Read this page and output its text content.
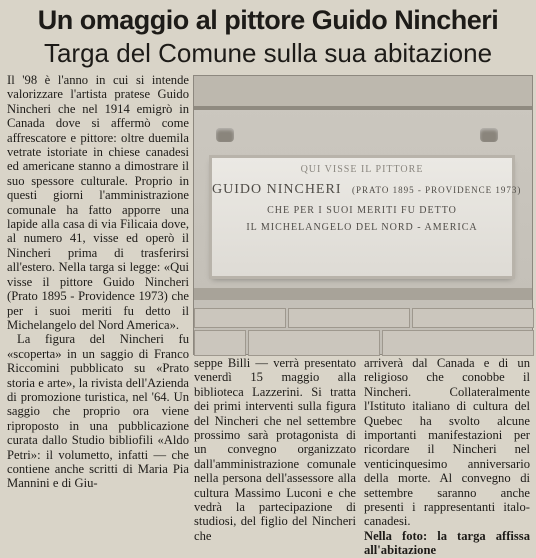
Un omaggio al pittore Guido Nincheri
Targa del Comune sulla sua abitazione

Il '98 è l'anno in cui si intende valorizzare l'artista pratese Guido Nincheri che nel 1914 emigrò in Canada dove si affermò come affrescatore e pittore: oltre duemila vetrate istoriate in chiese canadesi ed americane stanno a dimostrare il suo spessore culturale. Proprio in questi giorni l'amministrazione comunale ha fatto apporre una lapide alla casa di via Filicaia dove, al numero 41, visse ed operò il Nincheri prima di trasferirsi all'estero. Nella targa si legge: «Qui visse il pittore Guido Nincheri (Prato 1895 - Providence 1973) che per i suoi meriti fu detto il Michelangelo del Nord America».

La figura del Nincheri fu «scoperta» in un saggio di Franco Riccomini pubblicato su «Prato storia e arte», la rivista dell'Azienda di promozione turistica, nel '64. Un saggio che proprio ora viene riproposto in una pubblicazione curata dallo Studio bibliofili «Aldo Petri»: il volumetto, infatti — che contiene anche scritti di Maria Pia Mannini e di Giu-

QUI VISSE IL PITTORE
GUIDO NINCHERI (PRATO 1895 - PROVIDENCE 1973)
CHE PER I SUOI MERITI FU DETTO
IL MICHELANGELO DEL NORD - AMERICA

seppe Billi — verrà presentato venerdì 15 maggio alla biblioteca Lazzerini. Si tratta dei primi interventi sulla figura del Nincheri che nel settembre prossimo sarà protagonista di un convegno organizzato dall'amministrazione comunale nella persona dell'assessore alla cultura Massimo Luconi e che vedrà la partecipazione di studiosi, del figlio del Nincheri che

arriverà dal Canada e di un religioso che conobbe il Nincheri. Collateralmente l'Istituto italiano di cultura del Quebec ha svolto alcune importanti manifestazioni per ricordare il Nincheri nel venticinquesimo anniversario della morte. Al convegno di settembre saranno anche presenti i rappresentanti italo-canadesi.

Nella foto: la targa affissa all'abitazione
